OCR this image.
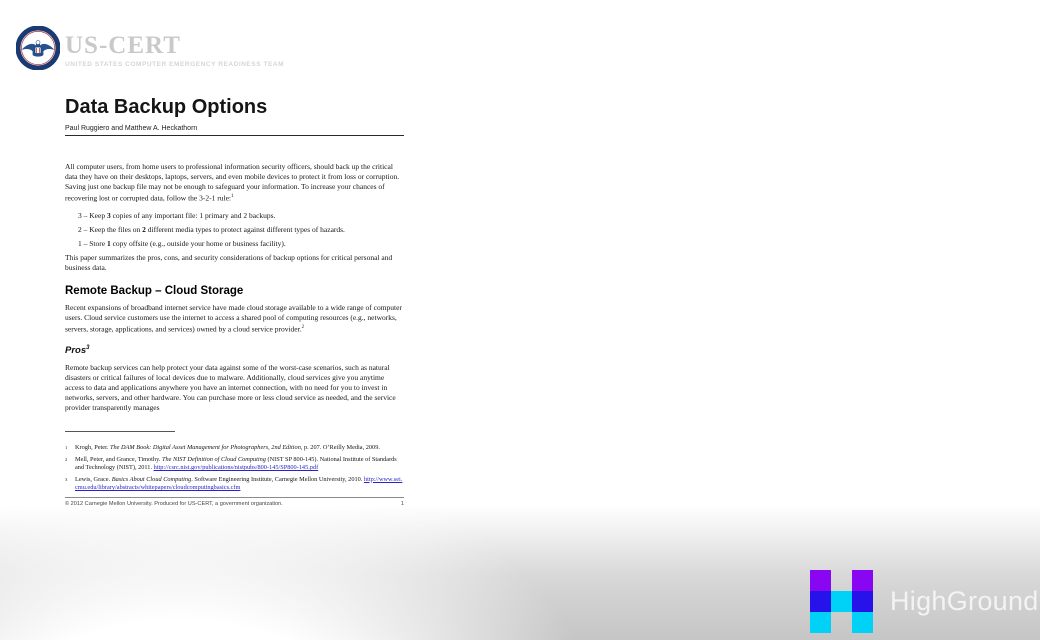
US-CERT
UNITED STATES COMPUTER EMERGENCY READINESS TEAM
Data Backup Options
Paul Ruggiero and Matthew A. Heckathorn

All computer users, from home users to professional information security officers, should back up the critical data they have on their desktops, laptops, servers, and even mobile devices to protect it from loss or corruption. Saving just one backup file may not be enough to safeguard your information. To increase your chances of recovering lost or corrupted data, follow the 3-2-1 rule:$^1$

3 – Keep 3 copies of any important file: 1 primary and 2 backups.
2 – Keep the files on 2 different media types to protect against different types of hazards.
1 – Store 1 copy offsite (e.g., outside your home or business facility).

This paper summarizes the pros, cons, and security considerations of backup options for critical personal and business data.

Remote Backup – Cloud Storage

Recent expansions of broadband internet service have made cloud storage available to a wide range of computer users. Cloud service customers use the internet to access a shared pool of computing resources (e.g., networks, servers, storage, applications, and services) owned by a cloud service provider.$^2$

Pros$^3$

Remote backup services can help protect your data against some of the worst-case scenarios, such as natural disasters or critical failures of local devices due to malware. Additionally, cloud services give you anytime access to data and applications anywhere you have an internet connection, with no need for you to invest in networks, servers, and other hardware. You can purchase more or less cloud service as needed, and the service provider transparently manages

1	Krogh, Peter. The DAM Book: Digital Asset Management for Photographers, 2nd Edition, p. 207. O’Reilly Media, 2009.
2	Mell, Peter, and Grance, Timothy. The NIST Definition of Cloud Computing (NIST SP 800-145). National Institute of Standards and Technology (NIST), 2011. http://csrc.nist.gov/publications/nistpubs/800-145/SP800-145.pdf
3	Lewis, Grace. Basics About Cloud Computing. Software Engineering Institute, Carnegie Mellon University, 2010. http://www.sei.cmu.edu/library/abstracts/whitepapers/cloudcomputingbasics.cfm
© 2012 Carnegie Mellon University. Produced for US-CERT, a government organization.	1
HighGround
